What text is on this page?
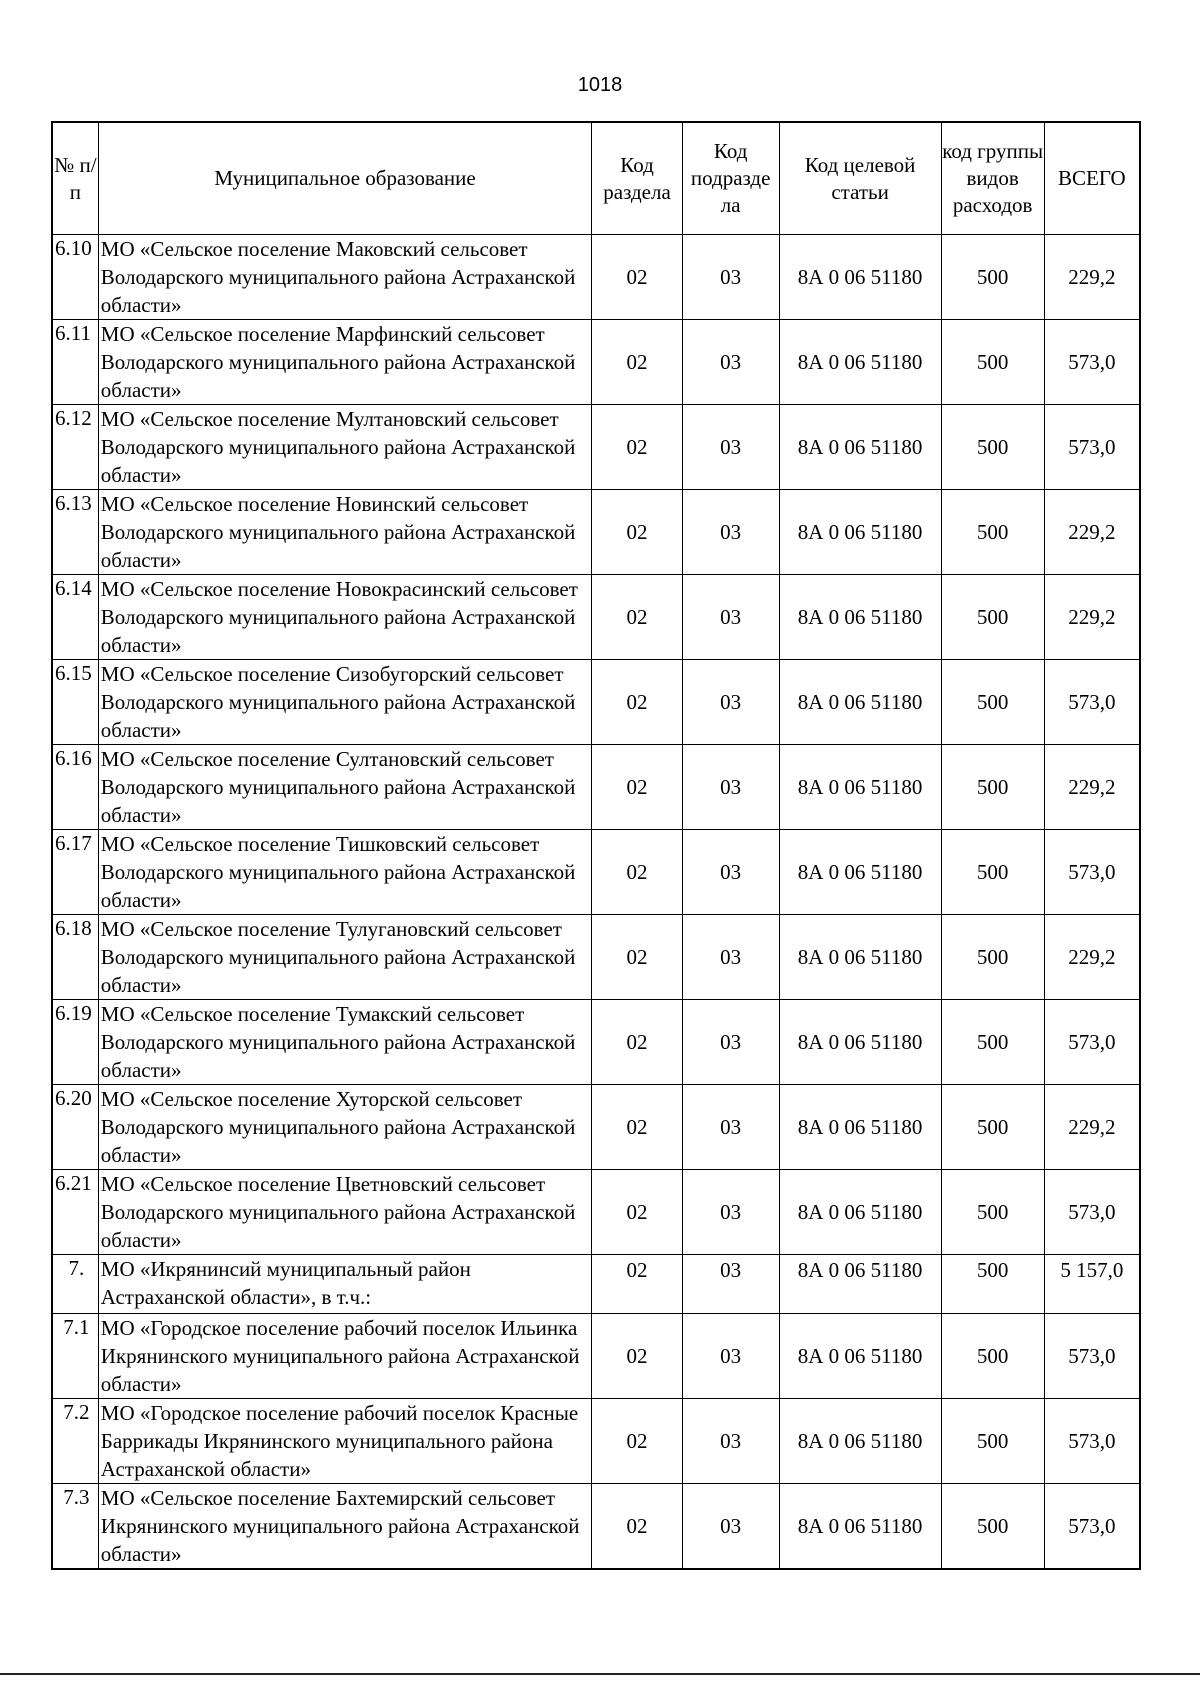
1018
№ п/п	Муниципальное образование	Код раздела	Код подразде ла	Код целевой статьи	код группы видов расходов	ВСЕГО
6.10	МО «Сельское поселение Маковский сельсовет Володарского муниципального района Астраханской области»	02	03	8А 0 06 51180	500	229,2
6.11	МО «Сельское поселение Марфинский сельсовет Володарского муниципального района Астраханской области»	02	03	8А 0 06 51180	500	573,0
6.12	МО «Сельское поселение Мултановский сельсовет Володарского муниципального района Астраханской области»	02	03	8А 0 06 51180	500	573,0
6.13	МО «Сельское поселение Новинский сельсовет Володарского муниципального района Астраханской области»	02	03	8А 0 06 51180	500	229,2
6.14	МО «Сельское поселение Новокрасинский сельсовет Володарского муниципального района Астраханской области»	02	03	8А 0 06 51180	500	229,2
6.15	МО «Сельское поселение Сизобугорский сельсовет Володарского муниципального района Астраханской области»	02	03	8А 0 06 51180	500	573,0
6.16	МО «Сельское поселение Султановский сельсовет Володарского муниципального района Астраханской области»	02	03	8А 0 06 51180	500	229,2
6.17	МО «Сельское поселение Тишковский сельсовет Володарского муниципального района Астраханской области»	02	03	8А 0 06 51180	500	573,0
6.18	МО «Сельское поселение Тулугановский сельсовет Володарского муниципального района Астраханской области»	02	03	8А 0 06 51180	500	229,2
6.19	МО «Сельское поселение Тумакский сельсовет Володарского муниципального района Астраханской области»	02	03	8А 0 06 51180	500	573,0
6.20	МО «Сельское поселение Хуторской сельсовет Володарского муниципального района Астраханской области»	02	03	8А 0 06 51180	500	229,2
6.21	МО «Сельское поселение Цветновский сельсовет Володарского муниципального района Астраханской области»	02	03	8А 0 06 51180	500	573,0
7.	МО «Икрянинсий муниципальный район Астраханской области», в т.ч.:	02	03	8А 0 06 51180	500	5 157,0
7.1	МО «Городское поселение рабочий поселок Ильинка Икрянинского муниципального района Астраханской области»	02	03	8А 0 06 51180	500	573,0
7.2	МО «Городское поселение рабочий поселок Красные Баррикады Икрянинского муниципального района Астраханской области»	02	03	8А 0 06 51180	500	573,0
7.3	МО «Сельское поселение Бахтемирский сельсовет Икрянинского муниципального района Астраханской области»	02	03	8А 0 06 51180	500	573,0
